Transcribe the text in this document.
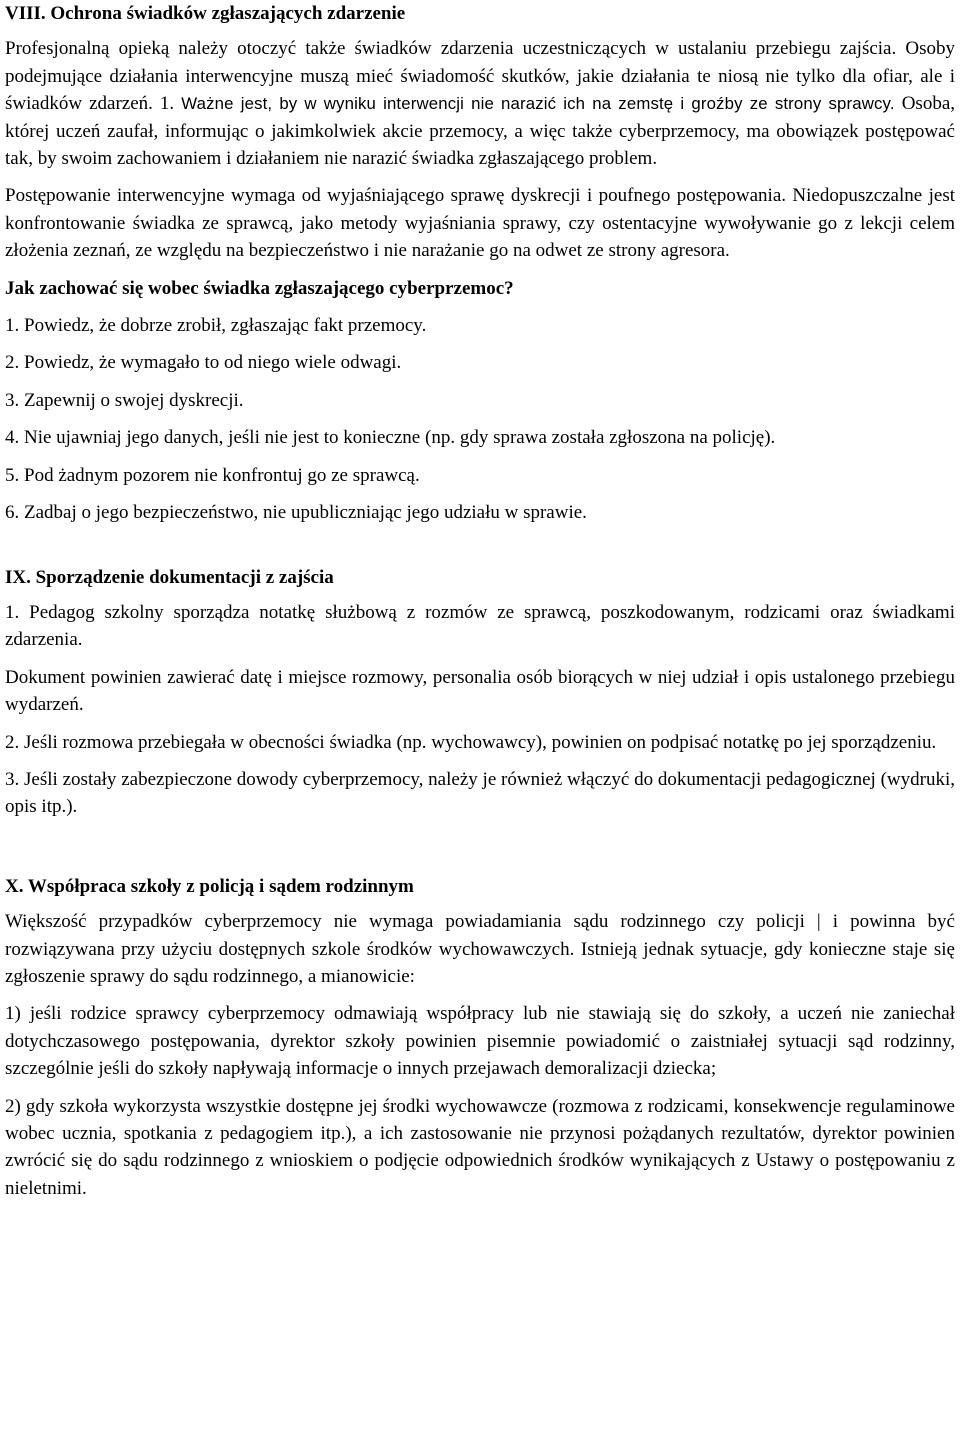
VIII. Ochrona świadków zgłaszających zdarzenie

Profesjonalną opieką należy otoczyć także świadków zdarzenia uczestniczących w ustalaniu przebiegu zajścia. Osoby podejmujące działania interwencyjne muszą mieć świadomość skutków, jakie działania te niosą nie tylko dla ofiar, ale i świadków zdarzeń. 1. Ważne jest, by w wyniku interwencji nie narazić ich na zemstę i groźby ze strony sprawcy. Osoba, której uczeń zaufał, informując o jakimkolwiek akcie przemocy, a więc także cyberprzemocy, ma obowiązek postępować tak, by swoim zachowaniem i działaniem nie narazić świadka zgłaszającego problem.

Postępowanie interwencyjne wymaga od wyjaśniającego sprawę dyskrecji i poufnego postępowania. Niedopuszczalne jest konfrontowanie świadka ze sprawcą, jako metody wyjaśniania sprawy, czy ostentacyjne wywoływanie go z lekcji celem złożenia zeznań, ze względu na bezpieczeństwo i nie narażanie go na odwet ze strony agresora.

Jak zachować się wobec świadka zgłaszającego cyberprzemoc?
1. Powiedz, że dobrze zrobił, zgłaszając fakt przemocy.
2. Powiedz, że wymagało to od niego wiele odwagi.
3. Zapewnij o swojej dyskrecji.
4. Nie ujawniaj jego danych, jeśli nie jest to konieczne (np. gdy sprawa została zgłoszona na policję).
5. Pod żadnym pozorem nie konfrontuj go ze sprawcą.
6. Zadbaj o jego bezpieczeństwo, nie upubliczniając jego udziału w sprawie.
IX. Sporządzenie dokumentacji z zajścia

1. Pedagog szkolny sporządza notatkę służbową z rozmów ze sprawcą, poszkodowanym, rodzicami oraz świadkami zdarzenia.

Dokument powinien zawierać datę i miejsce rozmowy, personalia osób biorących w niej udział i opis ustalonego przebiegu wydarzeń.

2. Jeśli rozmowa przebiegała w obecności świadka (np. wychowawcy), powinien on podpisać notatkę po jej sporządzeniu.

3. Jeśli zostały zabezpieczone dowody cyberprzemocy, należy je również włączyć do dokumentacji pedagogicznej (wydruki, opis itp.).

X. Współpraca szkoły z policją i sądem rodzinnym

Większość przypadków cyberprzemocy nie wymaga powiadamiania sądu rodzinnego czy policji | i powinna być rozwiązywana przy użyciu dostępnych szkole środków wychowawczych. Istnieją jednak sytuacje, gdy konieczne staje się zgłoszenie sprawy do sądu rodzinnego, a mianowicie:

1) jeśli rodzice sprawcy cyberprzemocy odmawiają współpracy lub nie stawiają się do szkoły, a uczeń nie zaniechał dotychczasowego postępowania, dyrektor szkoły powinien pisemnie powiadomić o zaistniałej sytuacji sąd rodzinny, szczególnie jeśli do szkoły napływają informacje o innych przejawach demoralizacji dziecka;

2) gdy szkoła wykorzysta wszystkie dostępne jej środki wychowawcze (rozmowa z rodzicami, konsekwencje regulaminowe wobec ucznia, spotkania z pedagogiem itp.), a ich zastosowanie nie przynosi pożądanych rezultatów, dyrektor powinien zwrócić się do sądu rodzinnego z wnioskiem o podjęcie odpowiednich środków wynikających z Ustawy o postępowaniu z nieletnimi.
